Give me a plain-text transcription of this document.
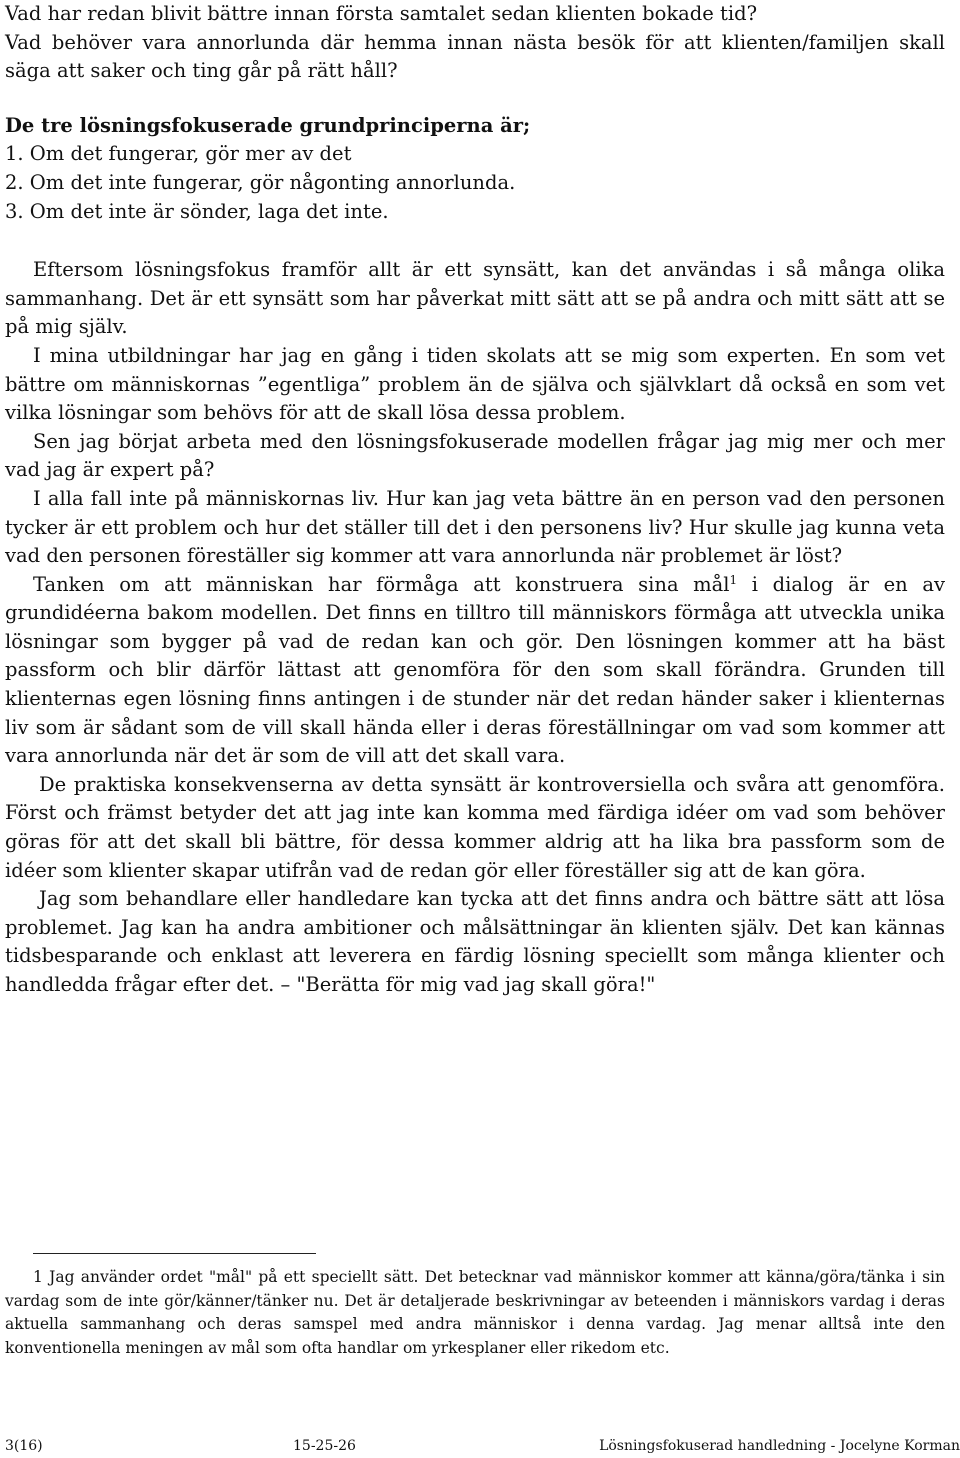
Vad har redan blivit bättre innan första samtalet sedan klienten bokade tid?

Vad behöver vara annorlunda där hemma innan nästa besök för att klienten/familjen skall säga att saker och ting går på rätt håll?

De tre lösningsfokuserade grundprinciperna är;
1. Om det fungerar, gör mer av det
2. Om det inte fungerar, gör någonting annorlunda.
3. Om det inte är sönder, laga det inte.

Eftersom lösningsfokus framför allt är ett synsätt, kan det användas i så många olika sammanhang. Det är ett synsätt som har påverkat mitt sätt att se på andra och mitt sätt att se på mig själv.

I mina utbildningar har jag en gång i tiden skolats att se mig som experten. En som vet bättre om människornas ”egentliga” problem än de själva och självklart då också en som vet vilka lösningar som behövs för att de skall lösa dessa problem.

Sen jag börjat arbeta med den lösningsfokuserade modellen frågar jag mig mer och mer vad jag är expert på?

I alla fall inte på människornas liv. Hur kan jag veta bättre än en person vad den personen tycker är ett problem och hur det ställer till det i den personens liv? Hur skulle jag kunna veta vad den personen föreställer sig kommer att vara annorlunda när problemet är löst?

Tanken om att människan har förmåga att konstruera sina mål$^1$ i dialog är en av grundidéerna bakom modellen. Det finns en tilltro till människors förmåga att utveckla unika lösningar som bygger på vad de redan kan och gör. Den lösningen kommer att ha bäst passform och blir därför lättast att genomföra för den som skall förändra. Grunden till klienternas egen lösning finns antingen i de stunder när det redan händer saker i klienternas liv som är sådant som de vill skall hända eller i deras föreställningar om vad som kommer att vara annorlunda när det är som de vill att det skall vara.

De praktiska konsekvenserna av detta synsätt är kontroversiella och svåra att genomföra. Först och främst betyder det att jag inte kan komma med färdiga idéer om vad som behöver göras för att det skall bli bättre, för dessa kommer aldrig att ha lika bra passform som de idéer som klienter skapar utifrån vad de redan gör eller föreställer sig att de kan göra.

Jag som behandlare eller handledare kan tycka att det finns andra och bättre sätt att lösa problemet. Jag kan ha andra ambitioner och målsättningar än klienten själv. Det kan kännas tidsbesparande och enklast att leverera en färdig lösning speciellt som många klienter och handledda frågar efter det. – "Berätta för mig vad jag skall göra!"

1 Jag använder ordet "mål" på ett speciellt sätt. Det betecknar vad människor kommer att känna/göra/tänka i sin vardag som de inte gör/känner/tänker nu. Det är detaljerade beskrivningar av beteenden i människors vardag i deras aktuella sammanhang och deras samspel med andra människor i denna vardag. Jag menar alltså inte den konventionella meningen av mål som ofta handlar om yrkesplaner eller rikedom etc.

3(16)	15-25-26	Lösningsfokuserad handledning - Jocelyne Korman
